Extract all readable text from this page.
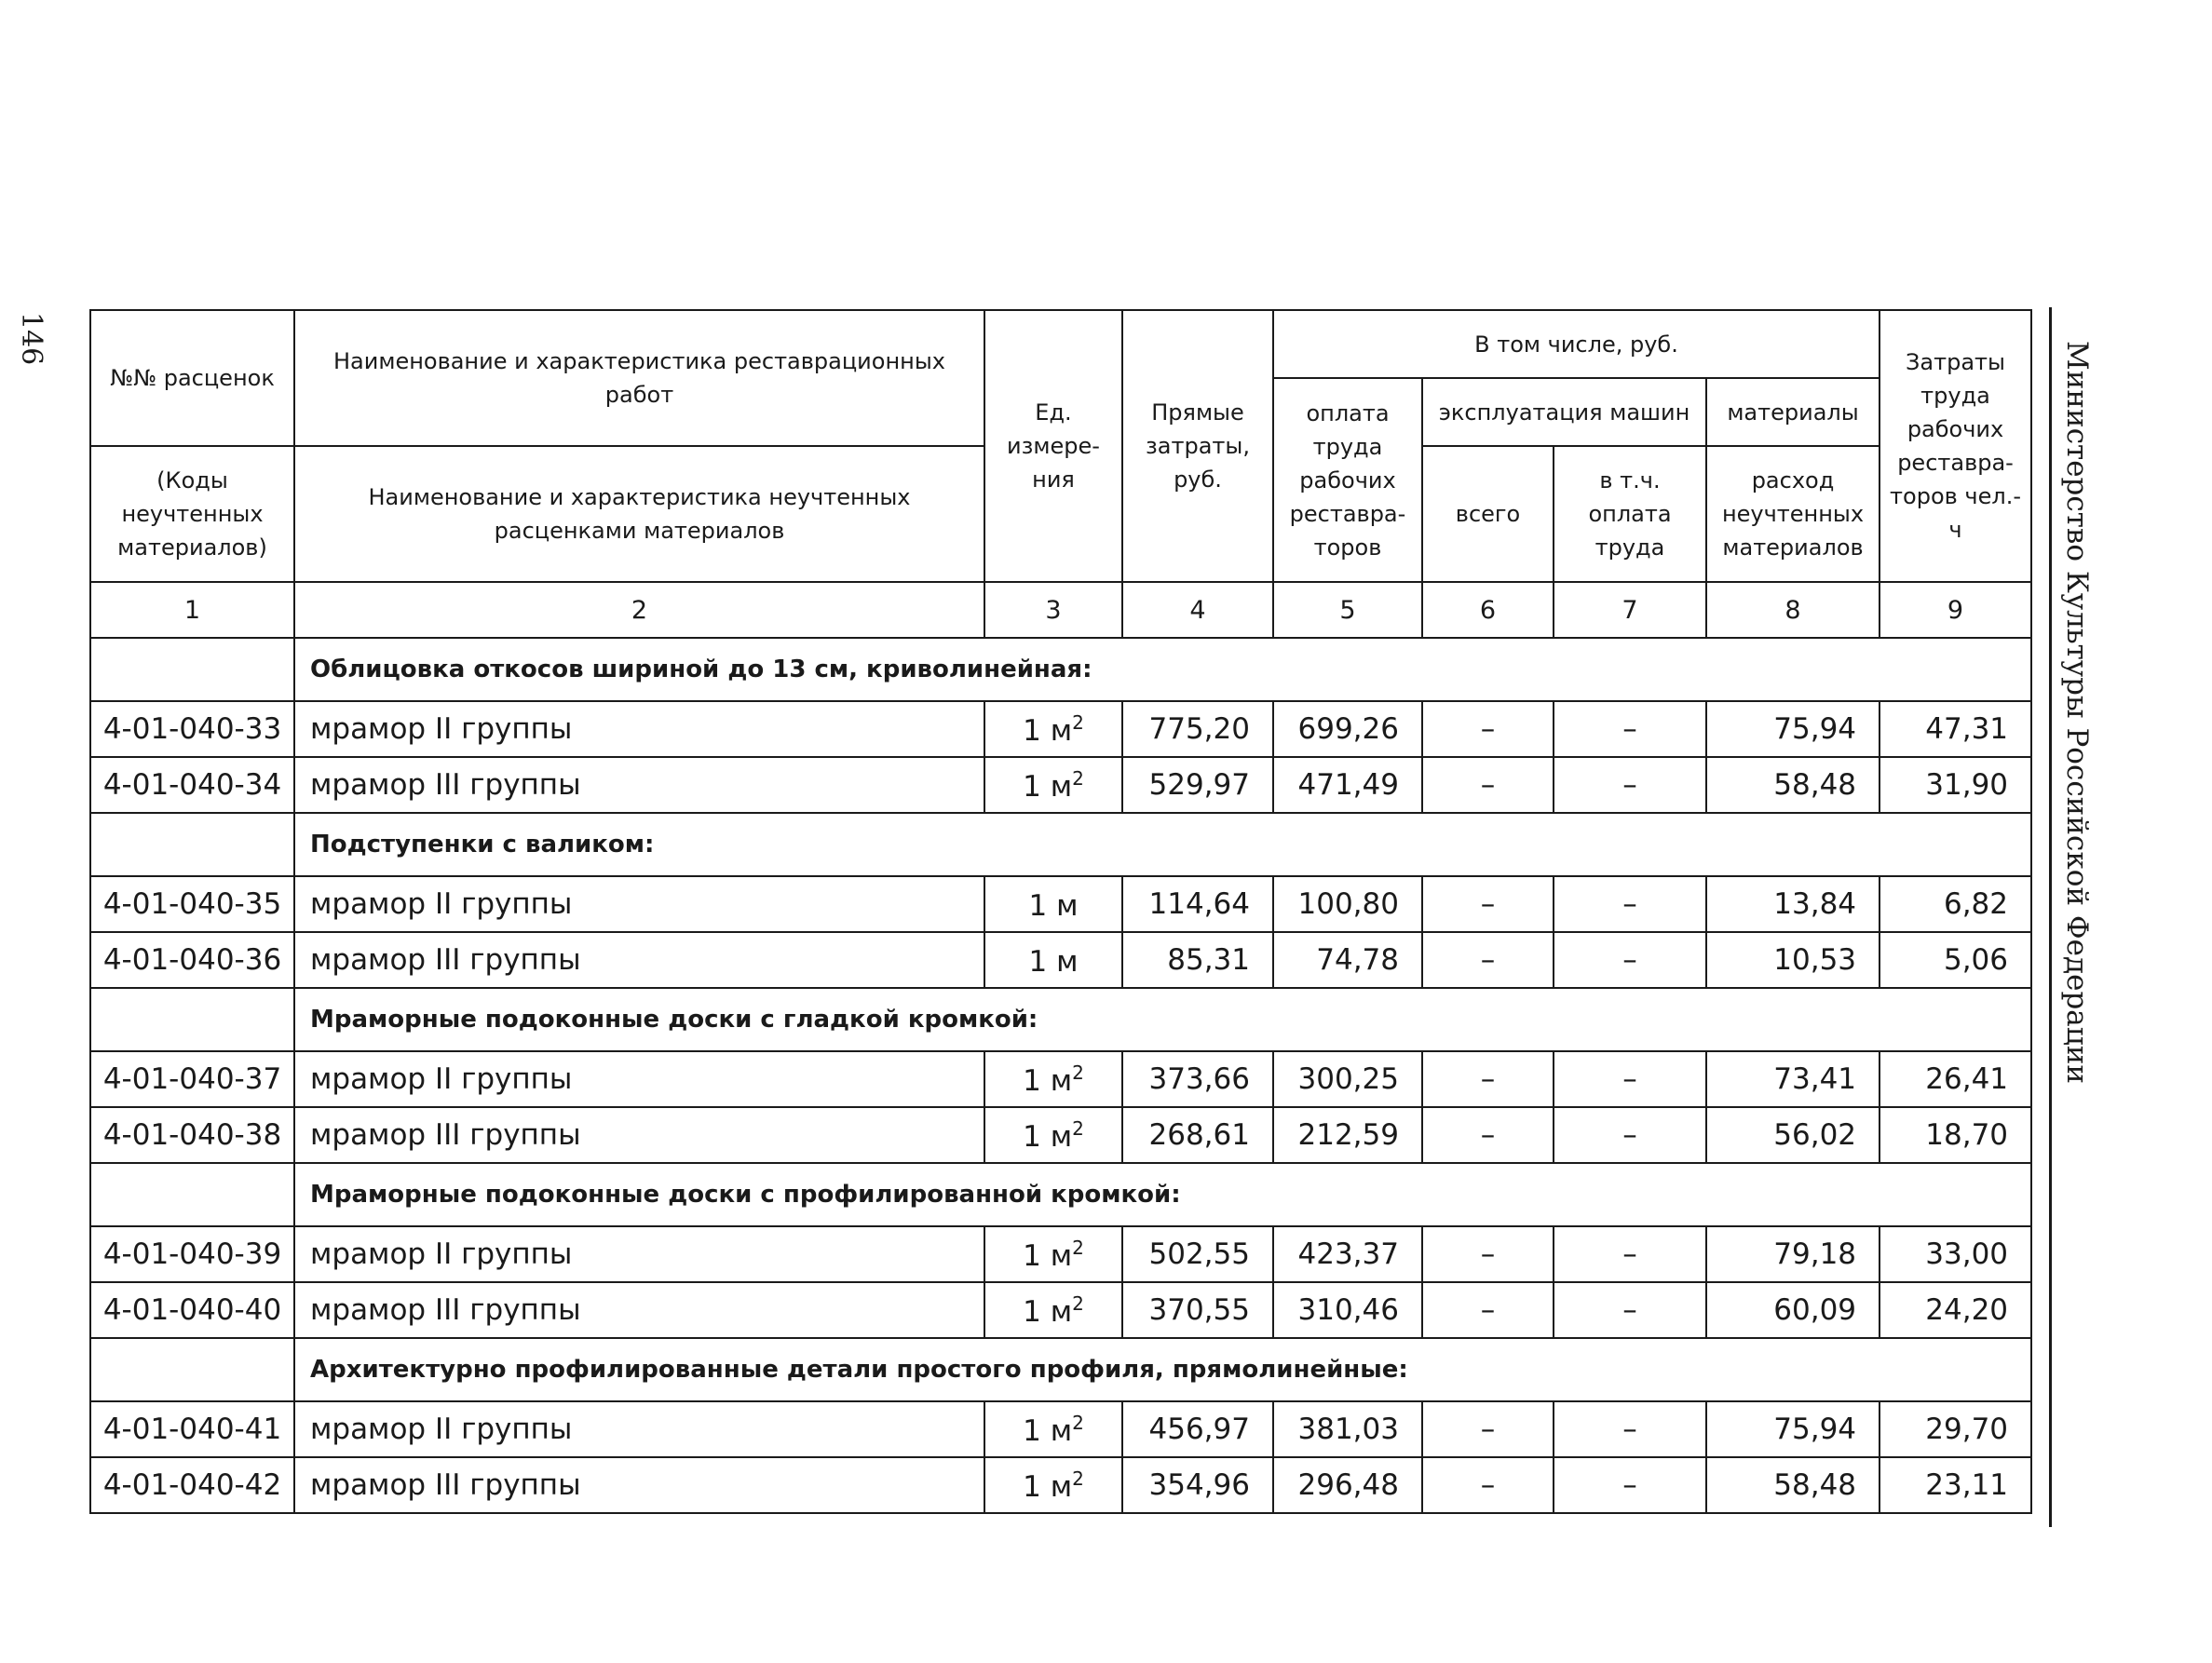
146
Министерство Культуры Российской Федерации
№№ расценок	Наименование и характеристика реставрационных работ	Ед. измере-ния	Прямые затраты, руб.	В том числе, руб.				Затраты труда рабочих реставра-торов чел.-ч
				оплата труда рабочих реставра-торов	эксплуатация машин		материалы	
(Коды неучтенных материалов)	Наименование и характеристика неучтенных расценками материалов				всего	в т.ч. оплата труда	расход неучтенных материалов	

1	2	3	4	5	6	7	8	9
	Облицовка откосов шириной до 13 см, криволинейная:							
4-01-040-33	мрамор II группы	1 $м^2$	775,20	699,26	–	–	75,94	47,31
4-01-040-34	мрамор III группы	1 $м^2$	529,97	471,49	–	–	58,48	31,90
	Подступенки с валиком:							
4-01-040-35	мрамор II группы	1 м	114,64	100,80	–	–	13,84	6,82
4-01-040-36	мрамор III группы	1 м	85,31	74,78	–	–	10,53	5,06
	Мраморные подоконные доски с гладкой кромкой:							
4-01-040-37	мрамор II группы	1 $м^2$	373,66	300,25	–	–	73,41	26,41
4-01-040-38	мрамор III группы	1 $м^2$	268,61	212,59	–	–	56,02	18,70
	Мраморные подоконные доски с профилированной кромкой:							
4-01-040-39	мрамор II группы	1 $м^2$	502,55	423,37	–	–	79,18	33,00
4-01-040-40	мрамор III группы	1 $м^2$	370,55	310,46	–	–	60,09	24,20
	Архитектурно профилированные детали простого профиля, прямолинейные:							
4-01-040-41	мрамор II группы	1 $м^2$	456,97	381,03	–	–	75,94	29,70
4-01-040-42	мрамор III группы	1 $м^2$	354,96	296,48	–	–	58,48	23,11
